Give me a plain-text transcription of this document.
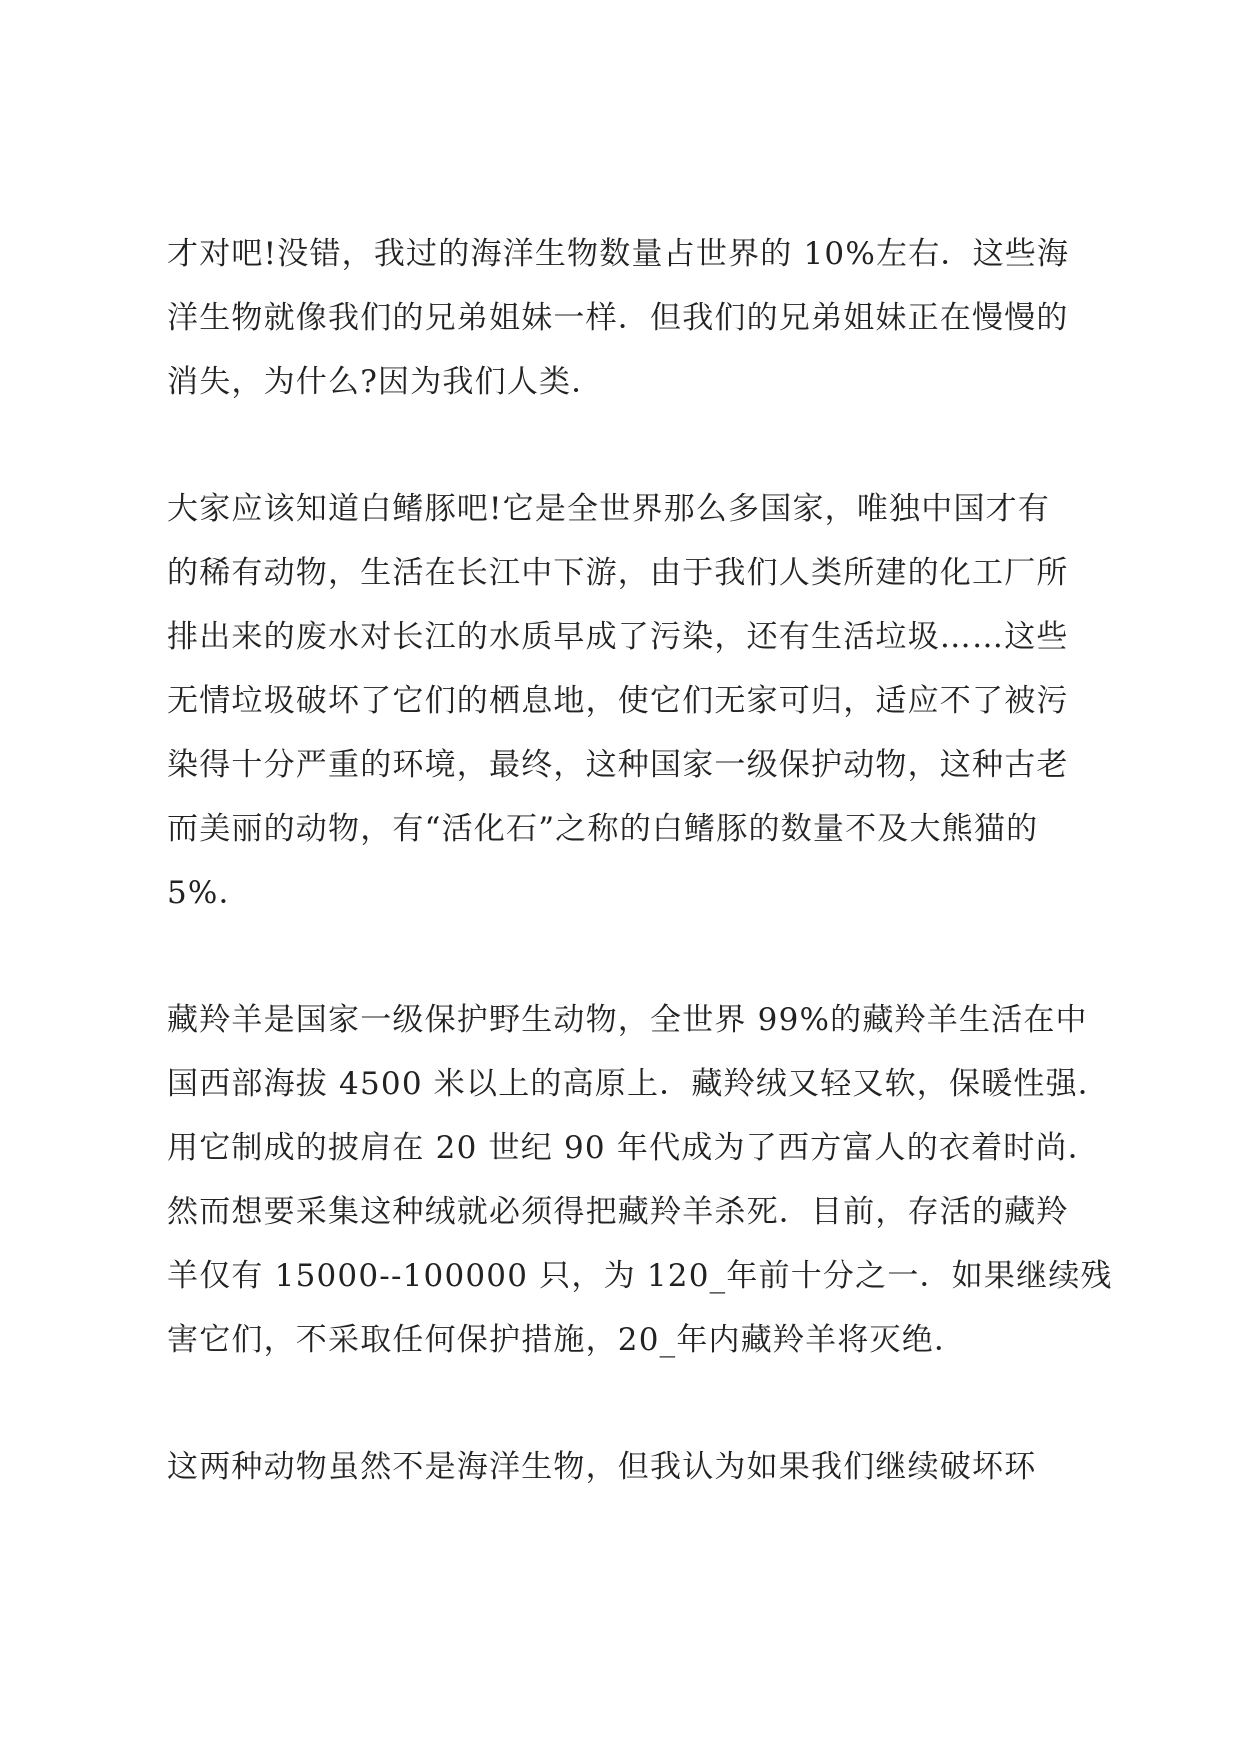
才对吧!没错，我过的海洋生物数量占世界的 10%左右．这些海
洋生物就像我们的兄弟姐妹一样．但我们的兄弟姐妹正在慢慢的
消失，为什么?因为我们人类．
大家应该知道白鳍豚吧!它是全世界那么多国家，唯独中国才有
的稀有动物，生活在长江中下游，由于我们人类所建的化工厂所
排出来的废水对长江的水质早成了污染，还有生活垃圾……这些
无情垃圾破坏了它们的栖息地，使它们无家可归，适应不了被污
染得十分严重的环境，最终，这种国家一级保护动物，这种古老
而美丽的动物，有“活化石”之称的白鳍豚的数量不及大熊猫的
5%．
藏羚羊是国家一级保护野生动物，全世界 99%的藏羚羊生活在中
国西部海拔 4500 米以上的高原上．藏羚绒又轻又软，保暖性强．
用它制成的披肩在 20 世纪 90 年代成为了西方富人的衣着时尚．
然而想要采集这种绒就必须得把藏羚羊杀死．目前，存活的藏羚
羊仅有 15000--100000 只，为 120_年前十分之一．如果继续残
害它们，不采取任何保护措施，20_年内藏羚羊将灭绝．
这两种动物虽然不是海洋生物，但我认为如果我们继续破坏环
